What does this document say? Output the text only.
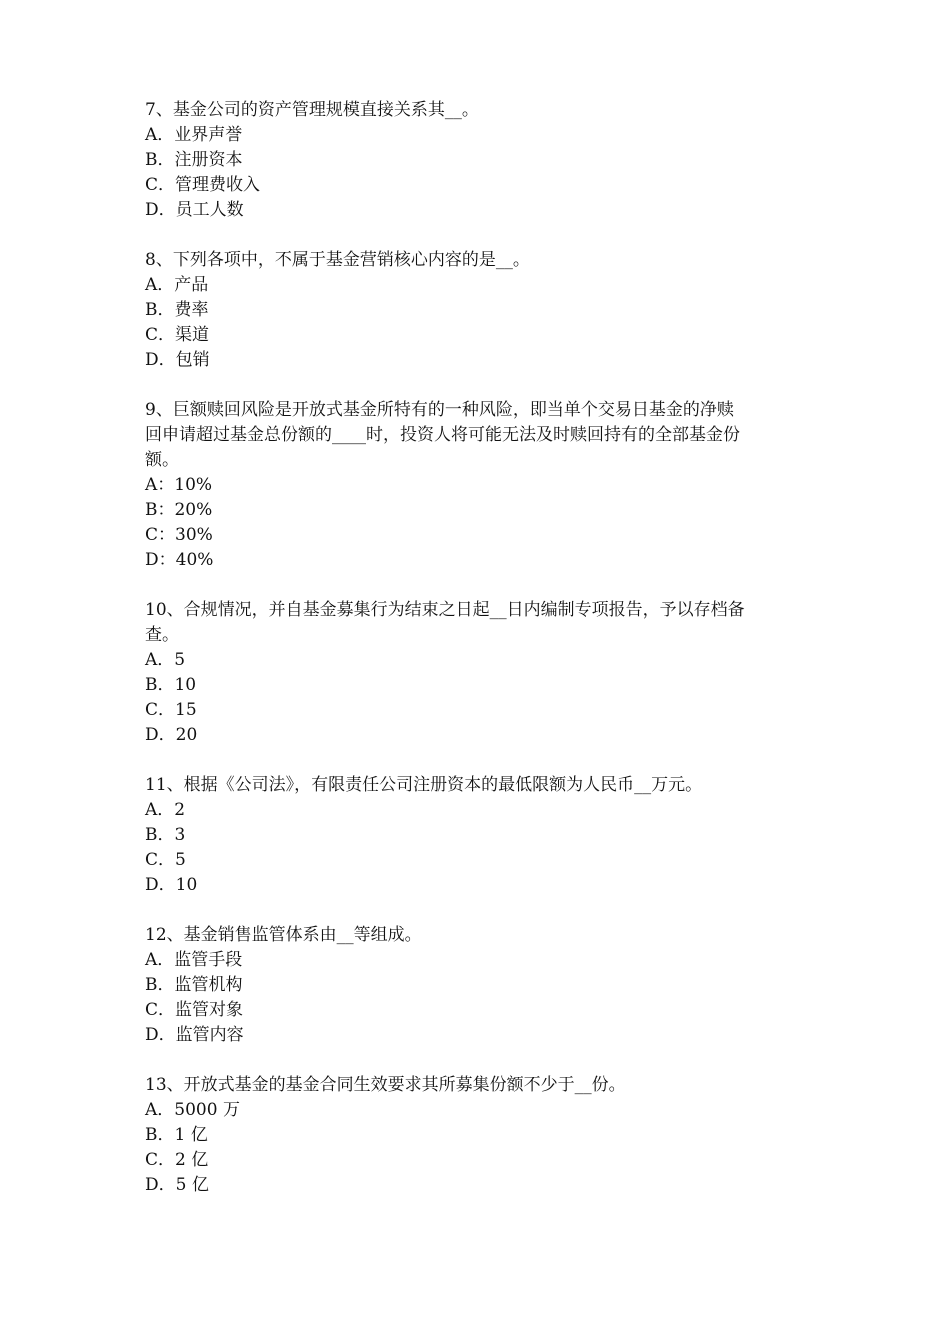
7、基金公司的资产管理规模直接关系其__。
A．业界声誉
B．注册资本
C．管理费收入
D．员工人数
8、下列各项中，不属于基金营销核心内容的是__。
A．产品
B．费率
C．渠道
D．包销
9、巨额赎回风险是开放式基金所特有的一种风险，即当单个交易日基金的净赎
回申请超过基金总份额的____时，投资人将可能无法及时赎回持有的全部基金份
额。
A：10%
B：20%
C：30%
D：40%
10、合规情况，并自基金募集行为结束之日起__日内编制专项报告，予以存档备
查。
A．5
B．10
C．15
D．20
11、根据《公司法》，有限责任公司注册资本的最低限额为人民币__万元。
A．2
B．3
C．5
D．10
12、基金销售监管体系由__等组成。
A．监管手段
B．监管机构
C．监管对象
D．监管内容
13、开放式基金的基金合同生效要求其所募集份额不少于__份。
A．5000 万
B．1 亿
C．2 亿
D．5 亿
